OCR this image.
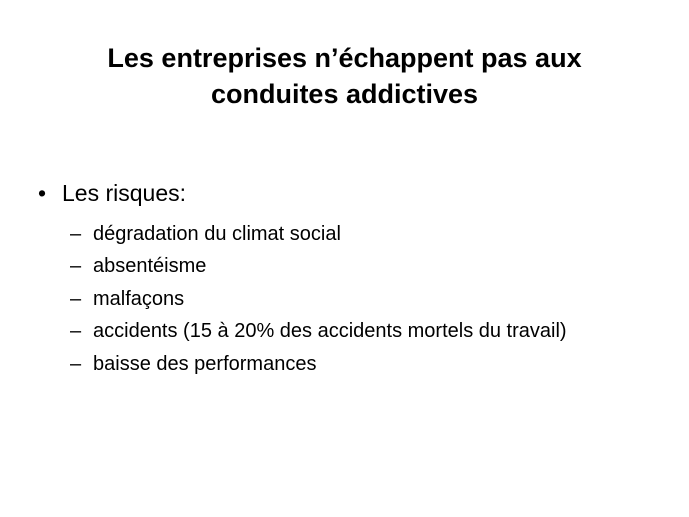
Les entreprises n’échappent pas aux
conduites addictives
• Les risques:
– dégradation du climat social
– absentéisme
– malfaçons
– accidents (15 à 20% des accidents mortels du travail)
– baisse des performances
